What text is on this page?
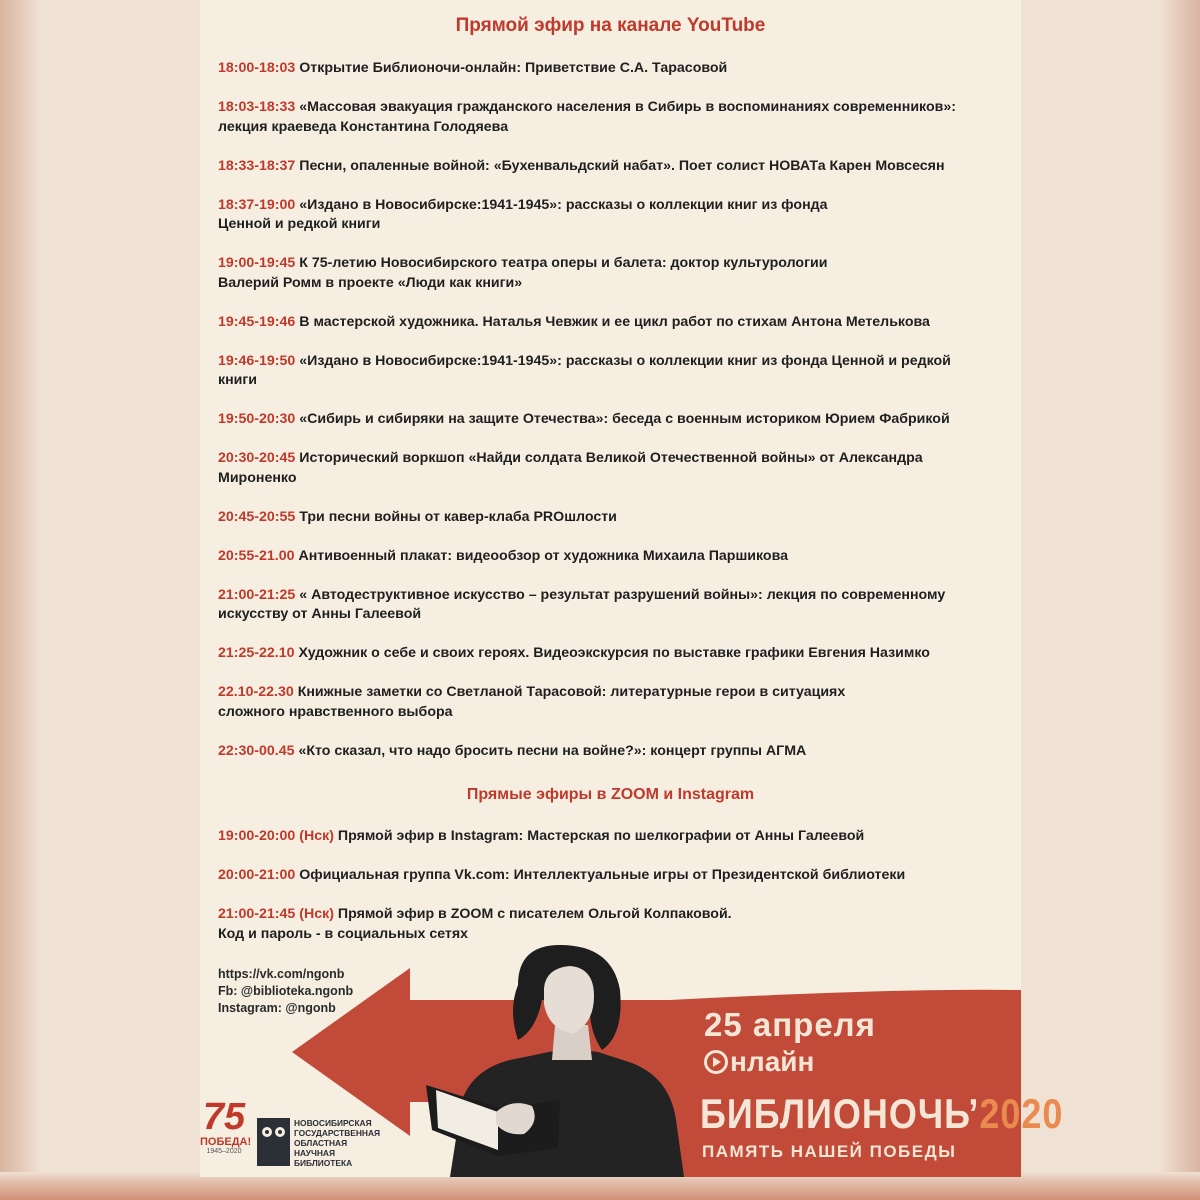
Прямой эфир на канале YouTube
18:00-18:03 Открытие Библионочи-онлайн: Приветствие С.А. Тарасовой
18:03-18:33 «Массовая эвакуация гражданского населения в Сибирь в воспоминаниях современников»:
лекция краеведа Константина Голодяева
18:33-18:37 Песни, опаленные войной: «Бухенвальдский набат». Поет солист НОВАТа Карен Мовсесян
18:37-19:00 «Издано в Новосибирске:1941-1945»: рассказы о коллекции книг из фонда
Ценной и редкой книги
19:00-19:45 К 75-летию Новосибирского театра оперы и балета: доктор культурологии
Валерий Ромм в проекте «Люди как книги»
19:45-19:46 В мастерской художника. Наталья Чевжик и ее цикл работ по стихам Антона Метелькова
19:46-19:50 «Издано в Новосибирске:1941-1945»: рассказы о коллекции книг из фонда Ценной и редкой
книги
19:50-20:30 «Сибирь и сибиряки на защите Отечества»: беседа с военным историком Юрием Фабрикой
20:30-20:45 Исторический воркшоп «Найди солдата Великой Отечественной войны» от Александра
Мироненко
20:45-20:55 Три песни войны от кавер-клаба PROшлости
20:55-21.00 Антивоенный плакат: видеообзор от художника Михаила Паршикова
21:00-21:25 « Автодеструктивное искусство – результат разрушений войны»: лекция по современному
искусству от Анны Галеевой
21:25-22.10 Художник о себе и своих героях. Видеоэкскурсия по выставке графики Евгения Назимко
22.10-22.30 Книжные заметки со Светланой Тарасовой: литературные герои в ситуациях
сложного нравственного выбора
22:30-00.45 «Кто сказал, что надо бросить песни на войне?»: концерт группы АГМА
Прямые эфиры в ZOOM и Instagram
19:00-20:00 (Нск) Прямой эфир в Instagram: Мастерская по шелкографии от Анны Галеевой
20:00-21:00 Официальная группа Vk.com: Интеллектуальные игры от Президентской библиотеки
21:00-21:45 (Нск) Прямой эфир в ZOOM с писателем Ольгой Колпаковой.
Код и пароль - в социальных сетях
https://vk.com/ngonb
Fb: @biblioteka.ngonb
Instagram: @ngonb	25 апреля
нлайн
БИБЛИОНОЧЬ’2020
ПАМЯТЬ НАШЕЙ ПОБЕДЫ
75
ПОБЕДА!
1945–2020
НОВОСИБИРСКАЯ
ГОСУДАРСТВЕННАЯ
ОБЛАСТНАЯ
НАУЧНАЯ
БИБЛИОТЕКА
